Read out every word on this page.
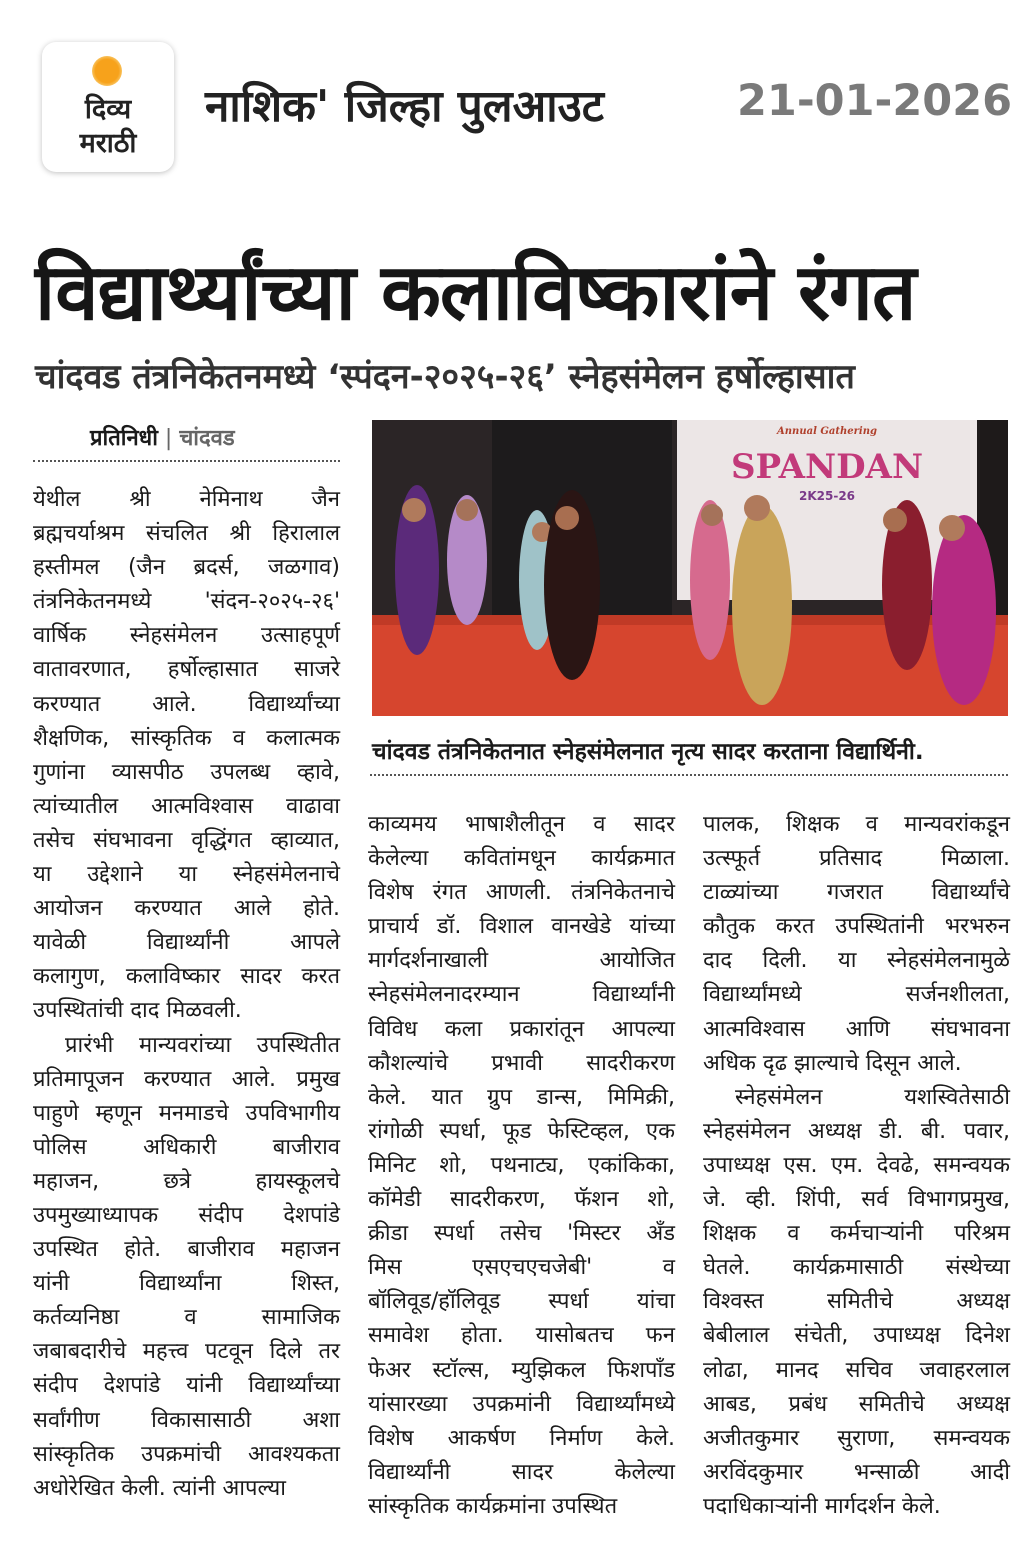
दिव्य
मराठी
नाशिक' जिल्हा पुलआउट	21-01-2026
विद्यार्थ्यांच्या कलाविष्कारांने रंगत
चांदवड तंत्रनिकेतनमध्ये ‘स्पंदन-२०२५-२६’ स्नेहसंमेलन हर्षोल्हासात
प्रतिनिधी | चांदवड	Annual Gathering
SPANDAN
2K25-26
चांदवड तंत्रनिकेतनात स्नेहसंमेलनात नृत्य सादर करताना विद्यार्थिनी.
येथील श्री नेमिनाथ जैन
ब्रह्मचर्याश्रम संचलित श्री हिरालाल
हस्तीमल (जैन ब्रदर्स, जळगाव)
तंत्रनिकेतनमध्ये 'संदन-२०२५-२६'
वार्षिक स्नेहसंमेलन उत्साहपूर्ण
वातावरणात, हर्षोल्हासात साजरे
करण्यात आले. विद्यार्थ्यांच्या
शैक्षणिक, सांस्कृतिक व कलात्मक
गुणांना व्यासपीठ उपलब्ध व्हावे,
त्यांच्यातील आत्मविश्वास वाढावा
तसेच संघभावना वृद्धिंगत व्हाव्यात,
या उद्देशाने या स्नेहसंमेलनाचे
आयोजन करण्यात आले होते.
यावेळी विद्यार्थ्यांनी आपले
कलागुण, कलाविष्कार सादर करत
उपस्थितांची दाद मिळवली.
प्रारंभी मान्यवरांच्या उपस्थितीत
प्रतिमापूजन करण्यात आले. प्रमुख
पाहुणे म्हणून मनमाडचे उपविभागीय
पोलिस अधिकारी बाजीराव
महाजन, छत्रे हायस्कूलचे
उपमुख्याध्यापक संदीप देशपांडे
उपस्थित होते. बाजीराव महाजन
यांनी विद्यार्थ्यांना शिस्त,
कर्तव्यनिष्ठा व सामाजिक
जबाबदारीचे महत्त्व पटवून दिले तर
संदीप देशपांडे यांनी विद्यार्थ्यांच्या
सर्वांगीण विकासासाठी अशा
सांस्कृतिक उपक्रमांची आवश्यकता
अधोरेखित केली. त्यांनी आपल्या
काव्यमय भाषाशैलीतून व सादर
केलेल्या कवितांमधून कार्यक्रमात
विशेष रंगत आणली. तंत्रनिकेतनाचे
प्राचार्य डॉ. विशाल वानखेडे यांच्या
मार्गदर्शनाखाली आयोजित
स्नेहसंमेलनादरम्यान विद्यार्थ्यांनी
विविध कला प्रकारांतून आपल्या
कौशल्यांचे प्रभावी सादरीकरण
केले. यात ग्रुप डान्स, मिमिक्री,
रांगोळी स्पर्धा, फूड फेस्टिव्हल, एक
मिनिट शो, पथनाट्य, एकांकिका,
कॉमेडी सादरीकरण, फॅशन शो,
क्रीडा स्पर्धा तसेच 'मिस्टर अँड
मिस एसएचएचजेबी' व
बॉलिवूड/हॉलिवूड स्पर्धा यांचा
समावेश होता. यासोबतच फन
फेअर स्टॉल्स, म्युझिकल फिशपॉंड
यांसारख्या उपक्रमांनी विद्यार्थ्यांमध्ये
विशेष आकर्षण निर्माण केले.
विद्यार्थ्यांनी सादर केलेल्या
सांस्कृतिक कार्यक्रमांना उपस्थित
पालक, शिक्षक व मान्यवरांकडून
उत्स्फूर्त प्रतिसाद मिळाला.
टाळ्यांच्या गजरात विद्यार्थ्यांचे
कौतुक करत उपस्थितांनी भरभरुन
दाद दिली. या स्नेहसंमेलनामुळे
विद्यार्थ्यांमध्ये सर्जनशीलता,
आत्मविश्वास आणि संघभावना
अधिक दृढ झाल्याचे दिसून आले.
स्नेहसंमेलन यशस्वितेसाठी
स्नेहसंमेलन अध्यक्ष डी. बी. पवार,
उपाध्यक्ष एस. एम. देवढे, समन्वयक
जे. व्ही. शिंपी, सर्व विभागप्रमुख,
शिक्षक व कर्मचाऱ्यांनी परिश्रम
घेतले. कार्यक्रमासाठी संस्थेच्या
विश्वस्त समितीचे अध्यक्ष
बेबीलाल संचेती, उपाध्यक्ष दिनेश
लोढा, मानद सचिव जवाहरलाल
आबड, प्रबंध समितीचे अध्यक्ष
अजीतकुमार सुराणा, समन्वयक
अरविंदकुमार भन्साळी आदी
पदाधिकाऱ्यांनी मार्गदर्शन केले.
